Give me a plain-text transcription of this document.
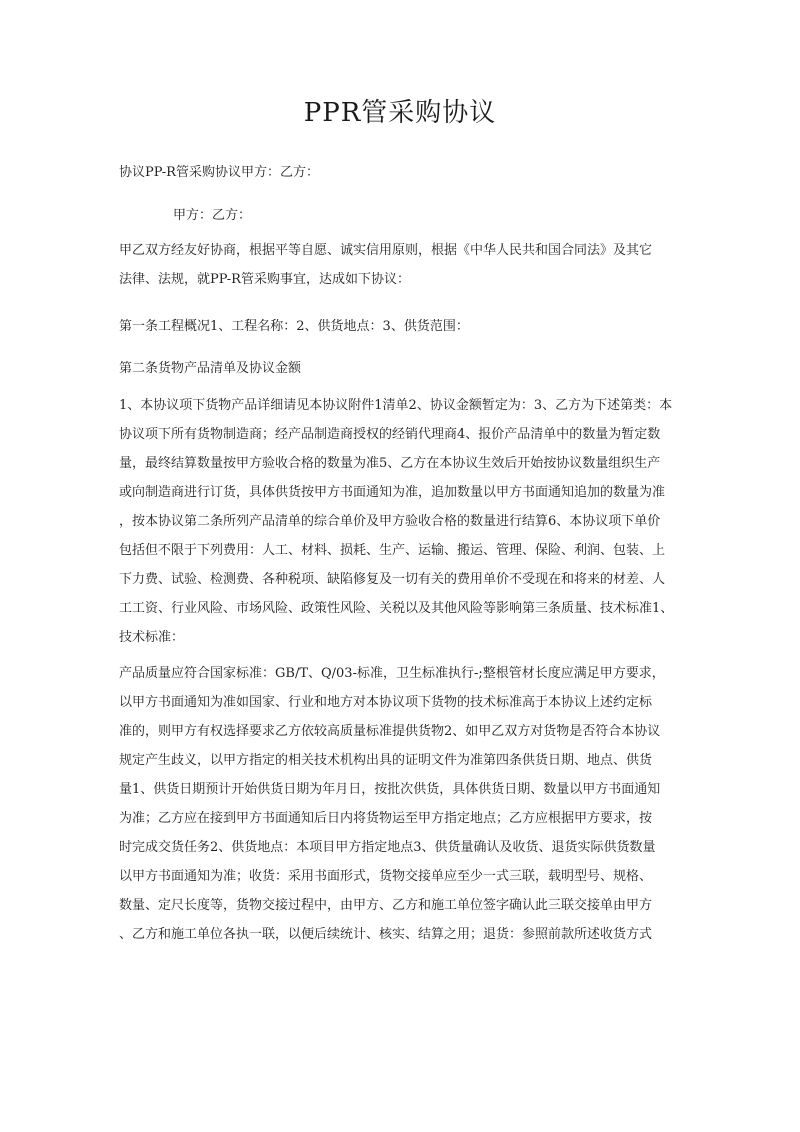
PPR管采购协议
协议PP-R管采购协议甲方：乙方：
甲方：乙方：
甲乙双方经友好协商，根据平等自愿、诚实信用原则，根据《中华人民共和国合同法》及其它
法律、法规，就PP-R管采购事宜，达成如下协议：
第一条工程概况1、工程名称：2、供货地点：3、供货范围：
第二条货物产品清单及协议金额
1、本协议项下货物产品详细请见本协议附件1清单2、协议金额暂定为：3、乙方为下述第类：本
协议项下所有货物制造商；经产品制造商授权的经销代理商4、报价产品清单中的数量为暂定数
量，最终结算数量按甲方验收合格的数量为准5、乙方在本协议生效后开始按协议数量组织生产
或向制造商进行订货，具体供货按甲方书面通知为准，追加数量以甲方书面通知追加的数量为准
，按本协议第二条所列产品清单的综合单价及甲方验收合格的数量进行结算6、本协议项下单价
包括但不限于下列费用：人工、材料、损耗、生产、运输、搬运、管理、保险、利润、包装、上
下力费、试验、检测费、各种税项、缺陷修复及一切有关的费用单价不受现在和将来的材差、人
工工资、行业风险、市场风险、政策性风险、关税以及其他风险等影响第三条质量、技术标准1、
技术标准：
产品质量应符合国家标准：GB/T、Q/03-标准，卫生标准执行-;整根管材长度应满足甲方要求，
以甲方书面通知为准如国家、行业和地方对本协议项下货物的技术标准高于本协议上述约定标
准的，则甲方有权选择要求乙方依较高质量标准提供货物2、如甲乙双方对货物是否符合本协议
规定产生歧义，以甲方指定的相关技术机构出具的证明文件为准第四条供货日期、地点、供货
量1、供货日期预计开始供货日期为年月日，按批次供货，具体供货日期、数量以甲方书面通知
为准；乙方应在接到甲方书面通知后日内将货物运至甲方指定地点；乙方应根据甲方要求，按
时完成交货任务2、供货地点：本项目甲方指定地点3、供货量确认及收货、退货实际供货数量
以甲方书面通知为准；收货：采用书面形式，货物交接单应至少一式三联，载明型号、规格、
数量、定尺长度等，货物交接过程中，由甲方、乙方和施工单位签字确认此三联交接单由甲方
、乙方和施工单位各执一联，以便后续统计、核实、结算之用；退货：参照前款所述收货方式
